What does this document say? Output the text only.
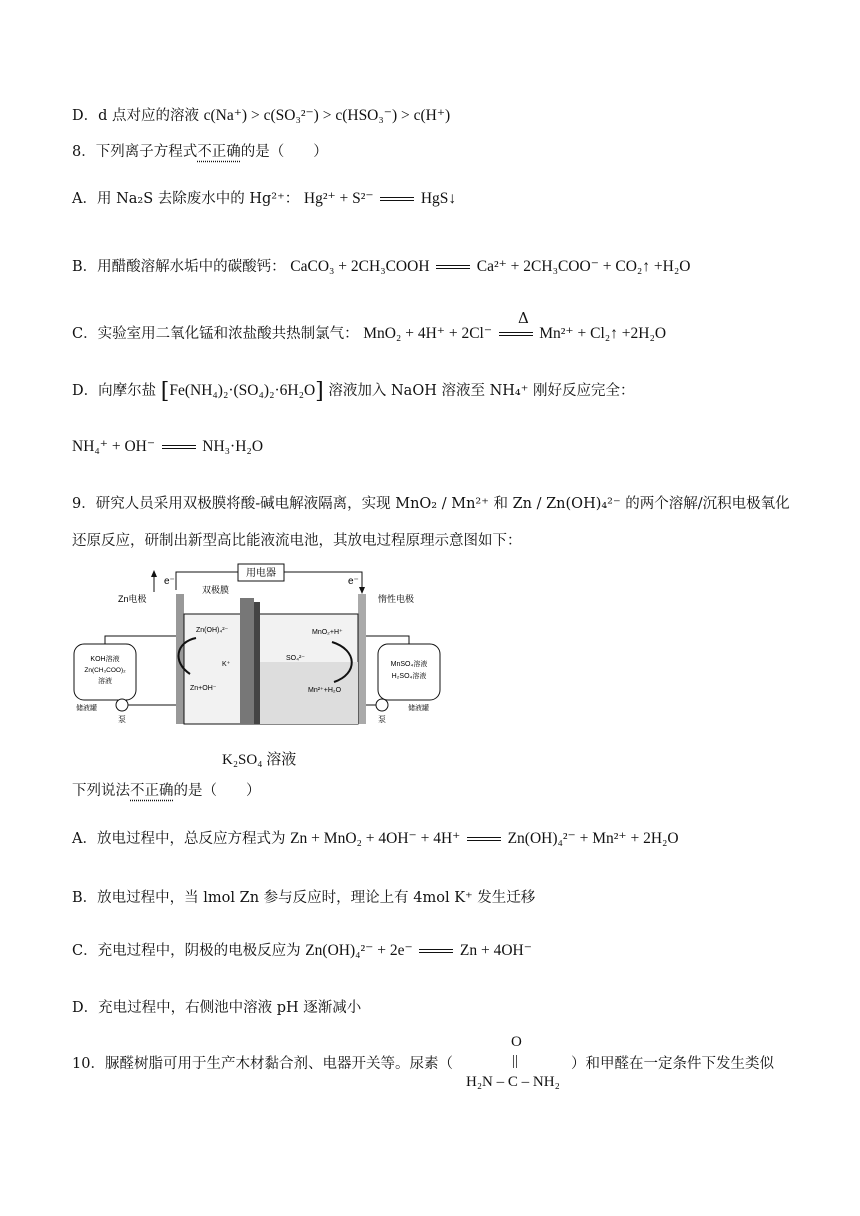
D．d 点对应的溶液 c(Na⁺) > c(SO₃²⁻) > c(HSO₃⁻) > c(H⁺)
8．下列离子方程式不正确的是（　　）
A．用 Na₂S 去除废水中的 Hg²⁺： Hg²⁺ + S²⁻	HgS↓
B．用醋酸溶解水垢中的碳酸钙： CaCO₃ + 2CH₃COOH	Ca²⁺ + 2CH₃COO⁻ + CO₂↑ +H₂O
Δ
C．实验室用二氧化锰和浓盐酸共热制氯气： MnO₂ + 4H⁺ + 2Cl⁻	Mn²⁺ + Cl₂↑ +2H₂O
D．向摩尔盐 [Fe(NH₄)₂·(SO₄)₂·6H₂O] 溶液加入 NaOH 溶液至 NH₄⁺ 刚好反应完全：
NH₄⁺ + OH⁻	NH₃·H₂O
9．研究人员采用双极膜将酸-碱电解液隔离，实现 MnO₂ / Mn²⁺ 和 Zn / Zn(OH)₄²⁻ 的两个溶解/沉积电极氧化
还原反应，研制出新型高比能液流电池，其放电过程原理示意图如下：
用电器
e⁻	e⁻
Zn电极
双极膜
惰性电极
Zn(OH)₄²⁻
K⁺
SO₄²⁻
MnO₂+H⁺
Zn+OH⁻	Mn²⁺+H₂O
KOH溶液
Zn(CH₃COO)₂
溶液
储液罐
泵
MnSO₄溶液
H₂SO₄溶液
储液罐
泵
K₂SO₄ 溶液
下列说法不正确的是（　　）
A．放电过程中，总反应方程式为 Zn + MnO₂ + 4OH⁻ + 4H⁺	Zn(OH)₄²⁻ + Mn²⁺ + 2H₂O
B．放电过程中，当 lmol Zn 参与反应时，理论上有 4mol K⁺ 发生迁移
C．充电过程中，阴极的电极反应为 Zn(OH)₄²⁻ + 2e⁻	Zn + 4OH⁻
D．充电过程中，右侧池中溶液 pH 逐渐减小
O
||
H₂N – C – NH₂
10．脲醛树脂可用于生产木材黏合剂、电器开关等。尿素（	）和甲醛在一定条件下发生类似
